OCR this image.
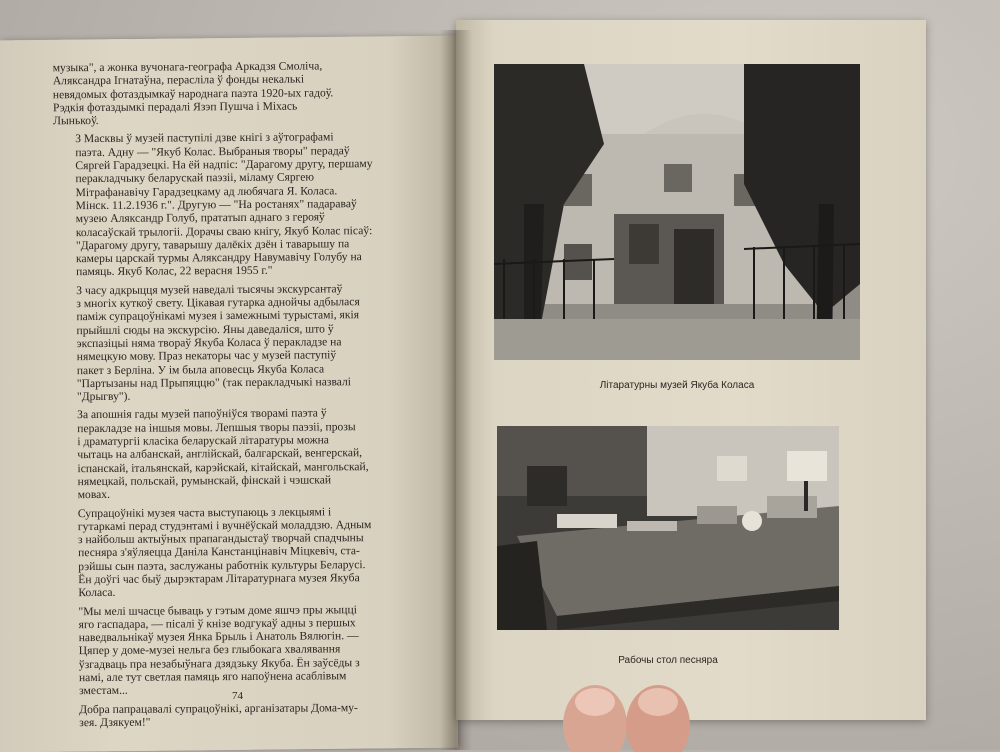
музыка", а жонка вучонага-географа Аркадзя Смоліча,
Аляксандра Ігнатаўна, перасліла ў фонды некалькі
невядомых фотаздымкаў народнага паэта 1920-ых гадоў.
Рэдкія фотаздымкі перадалі Язэп Пушча і Міхась
Лынькоў.

З Масквы ў музей паступілі дзве кнігі з аўтографамі
паэта. Адну — "Якуб Колас. Выбраныя творы" перадаў
Сяргей Гарадзецкі. На ёй надпіс: "Дарагому другу, першаму
перакладчыку беларускай паэзіі, міламу Сяргею
Мітрафанавічу Гарадзецкаму ад любячага Я. Коласа.
Мінск. 11.2.1936 г.". Другую — "На ростанях" падараваў
музею Аляксандр Голуб, прататып аднаго з герояў
коласаўскай трылогіі. Дорачы сваю кнігу, Якуб Колас пісаў:
"Дарагому другу, таварышу далёкіх дзён і таварышу па
камеры царскай турмы Аляксандру Навумавічу Голубу на
памяць. Якуб Колас, 22 верасня 1955 г."

З часу адкрыцця музей наведалі тысячы экскурсантаў
з многіх куткоў свету. Цікавая гутарка аднойчы адбылася
паміж супрацоўнікамі музея і замежнымі турыстамі, якія
прыйшлі сюды на экскурсію. Яны даведаліся, што ў
экспазіцыі няма твораў Якуба Коласа ў перакладзе на
нямецкую мову. Праз некаторы час у музей паступіў
пакет з Берліна. У ім была аповесць Якуба Коласа
"Партызаны над Прыпяццю" (так перакладчыкі назвалі
"Дрыгву").

За апошнія гады музей папоўніўся творамі паэта ў
перакладзе на іншыя мовы. Лепшыя творы паэзіі, прозы
і драматургіі класіка беларускай літаратуры можна
чытаць на албанскай, англійскай, балгарскай, венгерскай,
іспанскай, італьянскай, карэйскай, кітайскай, мангольскай,
нямецкай, польскай, румынскай, фінскай і чэшскай
мовах.

Супрацоўнікі музея часта выступаюць з лекцыямі і
гутаркамі перад студэнтамі і вучнёўскай моладдзю. Адным
з найбольш актыўных прапагандыстаў творчай спадчыны
песняра з'яўляецца Даніла Канстанцінавіч Міцкевіч, ста-
рэйшы сын паэта, заслужаны работнік культуры Беларусі.
Ён доўгі час быў дырэктарам Літаратурнага музея Якуба
Коласа.

"Мы мелі шчасце бываць у гэтым доме яшчэ пры жыцці
яго гаспадара, — пісалі ў кнізе водгукаў адны з першых
наведвальнікаў музея Янка Брыль і Анатоль Вялюгін. —
Цяпер у доме-музеі нельга без глыбокага хвалявання
ўзгадваць пра незабыўнага дзядзьку Якуба. Ён заўсёды з
намі, але тут светлая памяць яго напоўнена асаблівым
зместам...

Добра папрацавалі супрацоўнікі, арганізатары Дома-му-
зея. Дзякуем!"

74
Літаратурны музей Якуба Коласа
Рабочы стол песняра
